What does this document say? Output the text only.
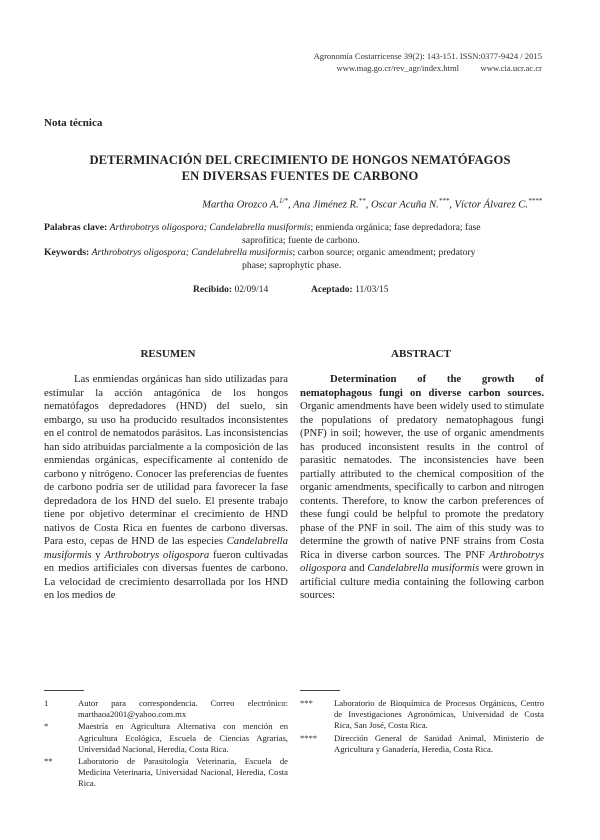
Agronomía Costarricense 39(2): 143-151. ISSN:0377-9424 / 2015
www.mag.go.cr/rev_agr/index.html          www.cia.ucr.ac.cr
Nota técnica
DETERMINACIÓN DEL CRECIMIENTO DE HONGOS NEMATÓFAGOS
EN DIVERSAS FUENTES DE CARBONO
Martha Orozco A.$^{1/*}$, Ana Jiménez R.**, Oscar Acuña N.***, Víctor Álvarez C.****
Palabras clave: Arthrobotrys oligospora; Candelabrella musiformis; enmienda orgánica; fase depredadora; fase
saprofítica; fuente de carbono.
Keywords: Arthrobotrys oligospora; Candelabrella musiformis; carbon source; organic amendment; predatory
phase; saprophytic phase.
Recibido: 02/09/14	Aceptado: 11/03/15
RESUMEN	ABSTRACT

Las enmiendas orgánicas han sido utilizadas para estimular la acción antagónica de los hongos nematófagos depredadores (HND) del suelo, sin embargo, su uso ha producido resultados inconsistentes en el control de nematodos parásitos. Las inconsistencias han sido atribuidas parcialmente a la composición de las enmiendas orgánicas, específicamente al contenido de carbono y nitrógeno. Conocer las preferencias de fuentes de carbono podría ser de utilidad para favorecer la fase depredadora de los HND del suelo. El presente trabajo tiene por objetivo determinar el crecimiento de HND nativos de Costa Rica en fuentes de carbono diversas. Para esto, cepas de HND de las especies Candelabrella musiformis y Arthrobotrys oligospora fueron cultivadas en medios artificiales con diversas fuentes de carbono. La velocidad de crecimiento desarrollada por los HND en los medios de

Determination of the growth of nematophagous fungi on diverse carbon sources. Organic amendments have been widely used to stimulate the populations of predatory nematophagous fungi (PNF) in soil; however, the use of organic amendments has produced inconsistent results in the control of parasitic nematodes. The inconsistencies have been partially attributed to the chemical composition of the organic amendments, specifically to carbon and nitrogen contents. Therefore, to know the carbon preferences of these fungi could be helpful to promote the predatory phase of the PNF in soil. The aim of this study was to determine the growth of native PNF strains from Costa Rica in diverse carbon sources. The PNF Arthrobotrys oligospora and Candelabrella musiformis were grown in artificial culture media containing the following carbon sources:

1	Autor para correspondencia. Correo electrónico: marthaoa2001@yahoo.com.mx
*	Maestría en Agricultura Alternativa con mención en Agricultura Ecológica, Escuela de Ciencias Agrarias, Universidad Nacional, Heredia, Costa Rica.
**	Laboratorio de Parasitología Veterinaria, Escuela de Medicina Veterinaria, Universidad Nacional, Heredia, Costa Rica.
***	Laboratorio de Bioquímica de Procesos Orgánicos, Centro de Investigaciones Agronómicas, Universidad de Costa Rica, San José, Costa Rica.
****	Dirección General de Sanidad Animal, Ministerio de Agricultura y Ganadería, Heredia, Costa Rica.
